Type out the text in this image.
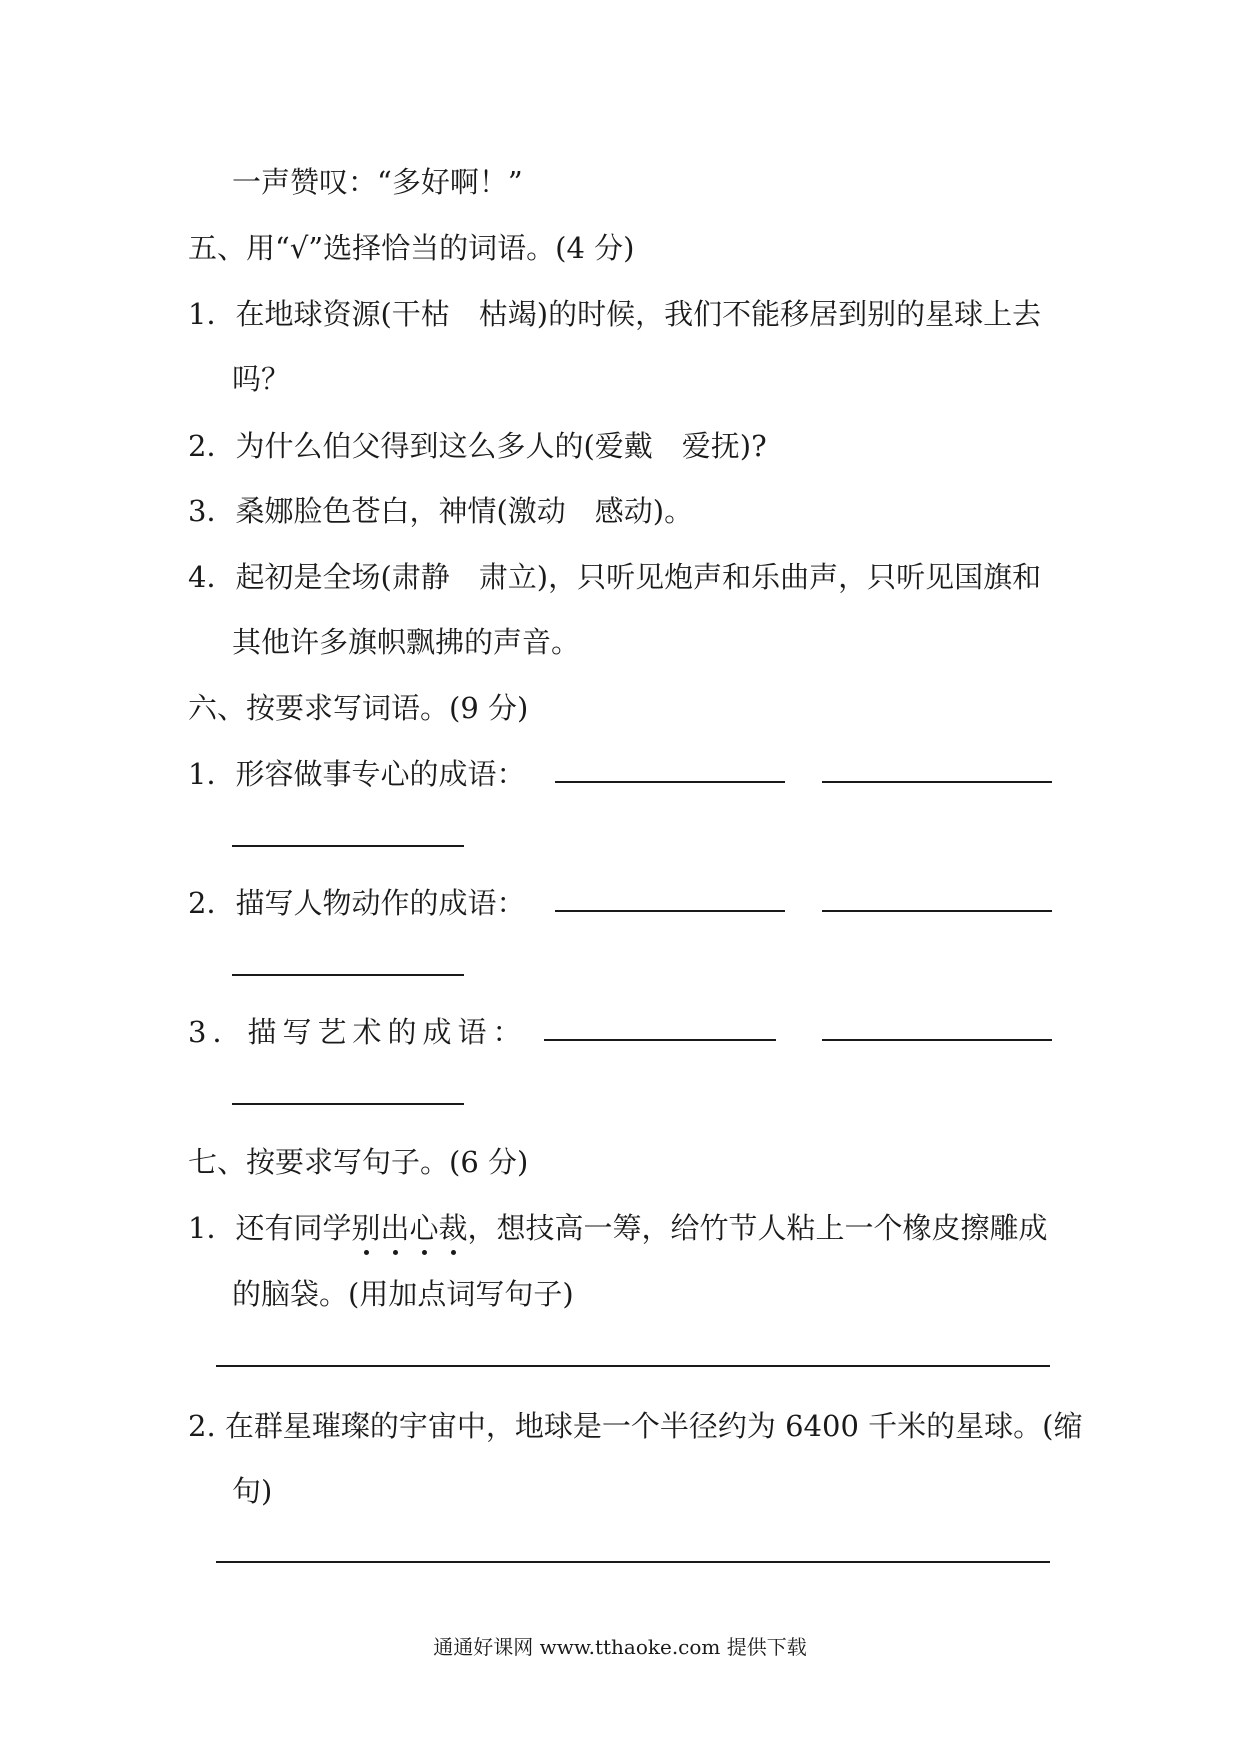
一声赞叹：“多好啊！”
五、用“√”选择恰当的词语。(4 分)
1．在地球资源(干枯　枯竭)的时候，我们不能移居到别的星球上去
吗？
2．为什么伯父得到这么多人的(爱戴　爱抚)?
3．桑娜脸色苍白，神情(激动　感动)。
4．起初是全场(肃静　肃立)，只听见炮声和乐曲声，只听见国旗和
其他许多旗帜飘拂的声音。
六、按要求写词语。(9 分)
1．形容做事专心的成语：
2．描写人物动作的成语：
3．描写艺术的成语：
七、按要求写句子。(6 分)
1．还有同学别出心裁，想技高一筹，给竹节人粘上一个橡皮擦雕成
的脑袋。(用加点词写句子)
2. 在群星璀璨的宇宙中，地球是一个半径约为 6400 千米的星球。(缩
句)
通通好课网 www.tthaoke.com 提供下载
